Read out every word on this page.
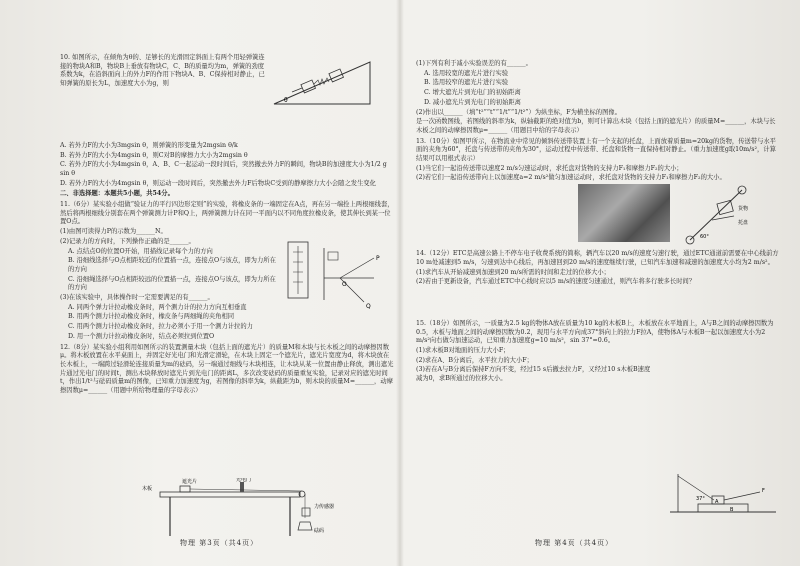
10. 如图所示，在倾角为θ的、足够长的光滑固定斜面上有两个用轻弹簧连接的物块A和B，物块B上垂放有物块C，C、B的质量均为m，弹簧的劲度系数为k，在沿斜面向上的外力F的作用下物块A、B、C保持相对静止，已知弹簧的原长为L，加速度大小为g，则

A. 若外力F的大小为3mgsin θ，则弹簧的形变量为2mgsin θ/k

B. 若外力F的大小为4mgsin θ，则C对B的摩擦力大小为2mgsin θ

C. 若外力F的大小为4mgsin θ，A、B、C一起运动一段时间后，突然撤去外力F的瞬间，物块B的加速度大小为1/2 g sin θ

D. 若外力F的大小为4mgsin θ，则运动一段时间后，突然撤去外力F后物块C受到的静摩擦力大小会随之发生变化

二、非选择题：本题共5小题，共54分。

11.（6分）某实验小组做“验证力的平行四边形定则”的实验，将橡皮条的一端固定在A点，再在另一端拴上两根细线套，然后将两根细线分别套在两个弹簧测力计P和Q上，两弹簧测力计在同一平面内以不同角度拉橡皮条，使其伸长到某一位置O点。

(1)由图可读得力P的示数为______N。

(2)记录力的方向时，下列操作正确的是______。

A. 点结点O的位置O开始，用描线记录每个力的方向

B. 沿细线选择与O点相距较近的位置描一点，连接点O与该点，即为力所在的方向

C. 沿细绳选择与O点相距较远的位置描一点，连接点O与该点，即为力所在的方向

(3)在该实验中，具体操作时一定需要满足的有______。

A. 同两个弹力计拉动橡皮条时，两个测力计的拉力方向互相垂直

B. 用两个测力计拉动橡皮条时，橡皮条与两细绳的夹角相同

C. 用两个测力计拉动橡皮条时，拉力必须小于用一个测力计拉的力

D. 用一个测力计拉动橡皮条时，结点必须拉到位置O

12.（8分）某实验小组利用如图所示的装置测量木块（包括上面的遮光片）的质量M和木块与长木板之间的动摩擦因数μ。将木板放置在水平桌面上，并固定好光电门和光滑定滑轮，在木块上固定一个遮光片，遮光片宽度为d，将木块放在长木板上，一端跨过轻滑轮连接质量为m的砝码，另一端通过细线与木块相连，让木块从某一位置由静止释放，测出遮光片通过光电门的时间t，测出木块释放时遮光片到光电门的距离L，多次改变砝码的质量重复实验，记录对应的遮光时间t，作出1/t²与砝码质量m的图像，已知重力加速度为g，若图像的斜率为k，纵截距为b，则木块的质量M=______，动摩擦因数μ=______（用题中所给物理量的字母表示）

θ
P
Q
O
遮光片	光电门
木板
力传感器
砝码
物理 第3页（共4页）

(1)下列有利于减小实验误差的有______。

A. 选用较宽的遮光片进行实验

B. 选用较窄的遮光片进行实验

C. 增大遮光片到光电门的初始距离

D. 减小遮光片到光电门的初始距离

(2)作出以______（填“t²”“t”“1/t”“1/t²”）为纵坐标，F为横坐标的图像。

是一次函数图线，若图线的斜率为k，纵轴截距的绝对值为b，则可计算出木块（包括上面的遮光片）的质量M=______，木块与长木板之间的动摩擦因数μ=______（用题目中给的字母表示）

13.（10分）如图甲所示，在物流业中常见的倾斜传送带装置上有一个支起的托盘，上面放着质量m=20kg的货物，传送带与水平面的夹角为60°，托盘与传送带的夹角为30°，运动过程中传送带、托盘和货物一直保持相对静止。（重力加速度g取10m/s²，计算结果可以用根式表示）

(1)当它们一起沿传送带以速度2 m/s匀速运动时，求托盘对货物的支持力F₁和摩擦力F₂的大小；

(2)若它们一起沿传送带向上以加速度a=2 m/s²做匀加速运动时，求托盘对货物的支持力F₁和摩擦力F₂的大小。

14.（12分）ETC是高速公路上不停车电子收费系统的简称，辆汽车以20 m/s的速度匀速行驶，通过ETC通道前需要在中心线前方10 m处减速到5 m/s，匀速到达中心线后，再加速回到20 m/s的速度继续行驶，已知汽车加速和减速的加速度大小均为2 m/s²。

(1)求汽车从开始减速到加速到20 m/s所需的时间和走过的位移大小；

(2)若由于更新设备，汽车通过ETC中心线时应以5 m/s的速度匀速通过，则汽车将多行驶多长时间？

15.（18分）如图所示，一质量为2.5 kg的物体A放在质量为10 kg的木板B上，木板放在水平地面上，A与B之间的动摩擦因数为0.5，木板与地面之间的动摩擦因数为0.2，现用与水平方向成37°斜向上的拉力F拉A，使物体A与木板B一起以加速度大小为2 m/s²向右做匀加速运动，已知重力加速度g=10 m/s²，sin 37°=0.6。

(1)求木板B对地面的压力大小F；

(2)求在A、B分离后，水平拉力的大小F；

(3)若在A与B分离后保持F方向不变，经过15 s后撤去拉力F，又经过10 s木板B速度减为0，求B所通过的位移大小。

货物
托盘
60°
37° A
F
B
物理 第4页（共4页）
